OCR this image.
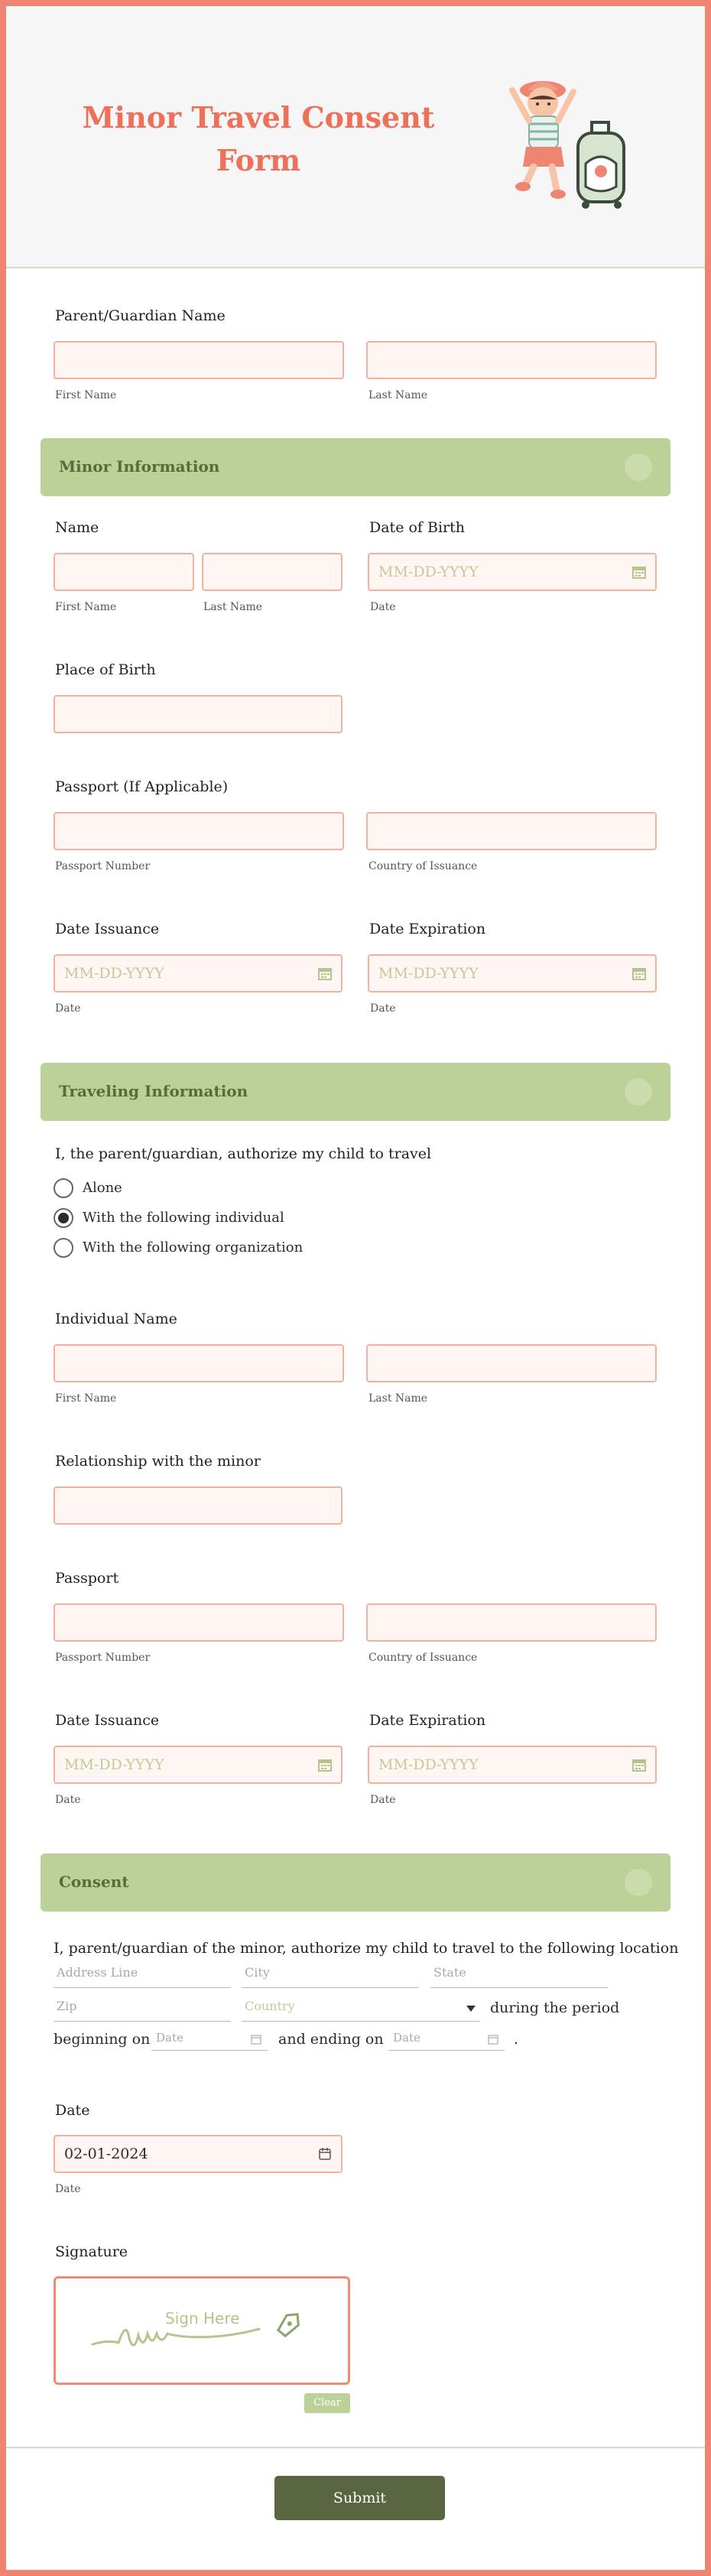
Minor Travel Consent Form
Parent/Guardian Name
First Name	Last Name
Minor Information
Name
First Name	Last Name
Date of Birth
MM-DD-YYYY
Date
Place of Birth
Passport (If Applicable)
Passport Number	Country of Issuance
Date Issuance
MM-DD-YYYY
Date
Date Expiration
MM-DD-YYYY
Date
Traveling Information
I, the parent/guardian, authorize my child to travel
Alone
With the following individual
With the following organization
Individual Name
First Name	Last Name
Relationship with the minor
Passport
Passport Number	Country of Issuance
Date Issuance
MM-DD-YYYY
Date
Date Expiration
MM-DD-YYYY
Date
Consent
I, parent/guardian of the minor, authorize my child to travel to the following location
Address Line	City	State
Zip	Country	during the period
beginning on Date	and ending on Date	.
Date
02-01-2024
Date
Signature
Sign Here
Clear
Submit
